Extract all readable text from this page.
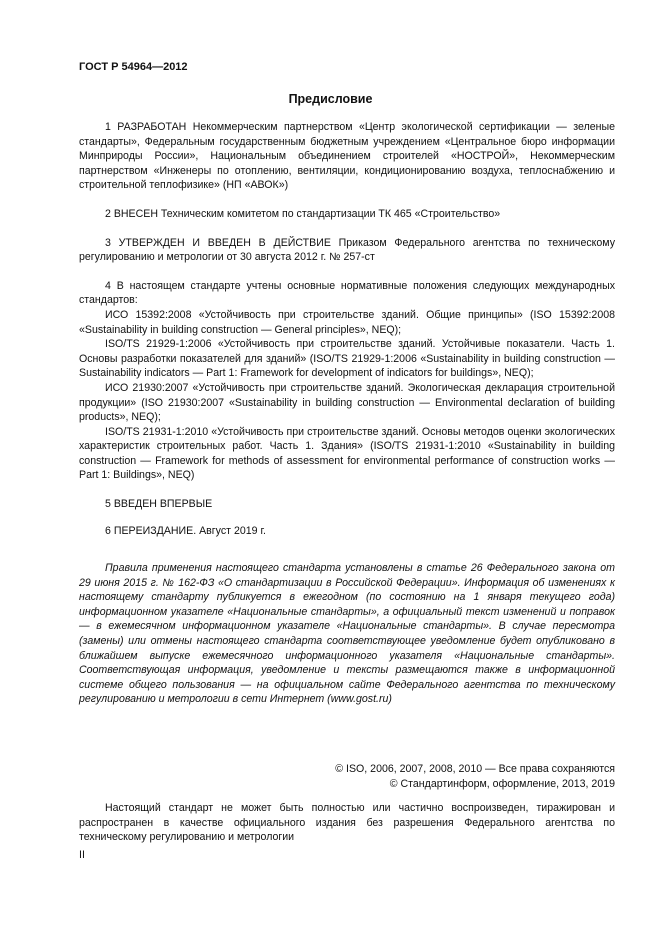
ГОСТ Р 54964—2012
Предисловие

1 РАЗРАБОТАН Некоммерческим партнерством «Центр экологической сертификации — зеленые стандарты», Федеральным государственным бюджетным учреждением «Центральное бюро информации Минприроды России», Национальным объединением строителей «НОСТРОЙ», Некоммерческим партнерством «Инженеры по отоплению, вентиляции, кондиционированию воздуха, теплоснабжению и строительной теплофизике» (НП «АВОК»)

2 ВНЕСЕН Техническим комитетом по стандартизации ТК 465 «Строительство»

3 УТВЕРЖДЕН И ВВЕДЕН В ДЕЙСТВИЕ Приказом Федерального агентства по техническому регулированию и метрологии от 30 августа 2012 г. № 257-ст

4 В настоящем стандарте учтены основные нормативные положения следующих международных стандартов:

ИСО 15392:2008 «Устойчивость при строительстве зданий. Общие принципы» (ISO 15392:2008 «Sustainability in building construction — General principles», NEQ);

ISO/TS 21929-1:2006 «Устойчивость при строительстве зданий. Устойчивые показатели. Часть 1. Основы разработки показателей для зданий» (ISO/TS 21929-1:2006 «Sustainability in building construction — Sustainability indicators — Part 1: Framework for development of indicators for buildings», NEQ);

ИСО 21930:2007 «Устойчивость при строительстве зданий. Экологическая декларация строительной продукции» (ISO 21930:2007 «Sustainability in building construction — Environmental declaration of building products», NEQ);

ISO/TS 21931-1:2010 «Устойчивость при строительстве зданий. Основы методов оценки экологических характеристик строительных работ. Часть 1. Здания» (ISO/TS 21931-1:2010 «Sustainability in building construction — Framework for methods of assessment for environmental performance of construction works — Part 1: Buildings», NEQ)

5 ВВЕДЕН ВПЕРВЫЕ

6 ПЕРЕИЗДАНИЕ. Август 2019 г.

Правила применения настоящего стандарта установлены в статье 26 Федерального закона от 29 июня 2015 г. № 162-ФЗ «О стандартизации в Российской Федерации». Информация об изменениях к настоящему стандарту публикуется в ежегодном (по состоянию на 1 января текущего года) информационном указателе «Национальные стандарты», а официальный текст изменений и поправок — в ежемесячном информационном указателе «Национальные стандарты». В случае пересмотра (замены) или отмены настоящего стандарта соответствующее уведомление будет опубликовано в ближайшем выпуске ежемесячного информационного указателя «Национальные стандарты». Соответствующая информация, уведомление и тексты размещаются также в информационной системе общего пользования — на официальном сайте Федерального агентства по техническому регулированию и метрологии в сети Интернет (www.gost.ru)

© ISO, 2006, 2007, 2008, 2010 — Все права сохраняются
© Стандартинформ, оформление, 2013, 2019

Настоящий стандарт не может быть полностью или частично воспроизведен, тиражирован и распространен в качестве официального издания без разрешения Федерального агентства по техническому регулированию и метрологии

II
